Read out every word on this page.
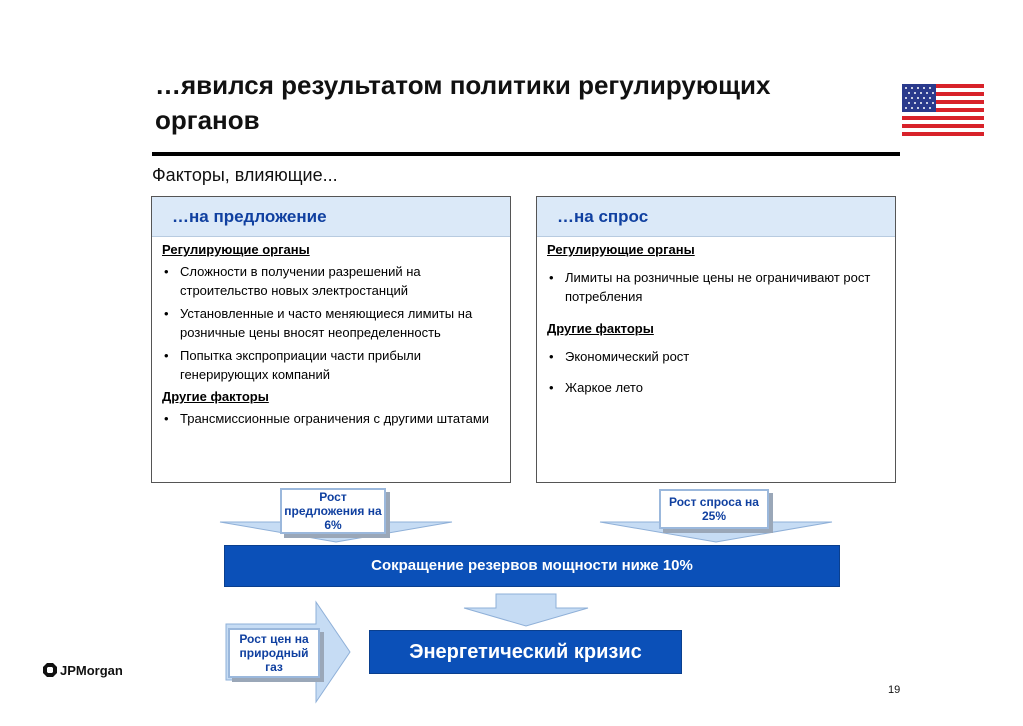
…явился результатом политики регулирующих органов
Факторы, влияющие...
…на предложение
Регулирующие органы
• Сложности в получении разрешений на строительство новых электростанций
• Установленные и часто меняющиеся лимиты на розничные цены вносят неопределенность
• Попытка экспроприации части прибыли генерирующих компаний
Другие факторы
• Трансмиссионные ограничения с другими штатами
…на спрос
Регулирующие органы
• Лимиты на розничные цены не ограничивают рост потребления
Другие факторы
• Экономический рост
• Жаркое лето
Рост предложения на 6%
Рост спроса на 25%
Сокращение резервов мощности ниже 10%
Рост цен на природный газ
Энергетический кризис
JPMorgan
19
